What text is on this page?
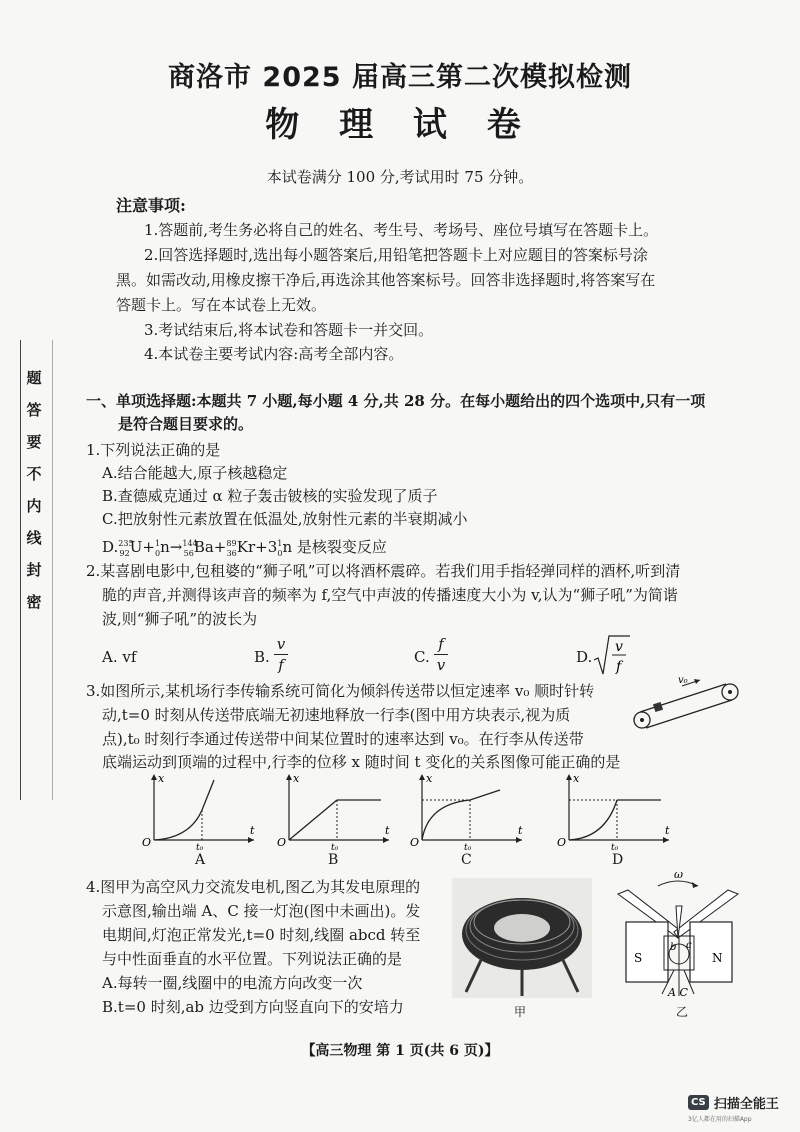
题
答
要
不
内
线
封
密
商洛市 2025 届高三第二次模拟检测
物 理 试 卷
本试卷满分 100 分,考试用时 75 分钟。
注意事项:
1.答题前,考生务必将自己的姓名、考生号、考场号、座位号填写在答题卡上。
2.回答选择题时,选出每小题答案后,用铅笔把答题卡上对应题目的答案标号涂
黑。如需改动,用橡皮擦干净后,再选涂其他答案标号。回答非选择题时,将答案写在
答题卡上。写在本试卷上无效。
3.考试结束后,将本试卷和答题卡一并交回。
4.本试卷主要考试内容:高考全部内容。
一、单项选择题:本题共 7 小题,每小题 4 分,共 28 分。在每小题给出的四个选项中,只有一项
是符合题目要求的。
1.下列说法正确的是
A.结合能越大,原子核越稳定
B.查德威克通过 α 粒子轰击铍核的实验发现了质子
C.把放射性元素放置在低温处,放射性元素的半衰期减小
$D.^{235}_{92}U+^1_0n\to^{144}_{56}Ba+^{89}_{36}Kr+3^1_0n$ 是核裂变反应
2.某喜剧电影中,包租婆的“狮子吼”可以将酒杯震碎。若我们用手指轻弹同样的酒杯,听到清
脆的声音,并测得该声音的频率为 f,空气中声波的传播速度大小为 v,认为“狮子吼”为简谐
波,则“狮子吼”的波长为
A. vf	B.
v
f	C.
f
v	D.
v
f
3.如图所示,某机场行李传输系统可简化为倾斜传送带以恒定速率 v₀ 顺时针转
动,t=0 时刻从传送带底端无初速地释放一行李(图中用方块表示,视为质
点),t₀ 时刻行李通过传送带中间某位置时的速率达到 v₀。在行李从传送带
底端运动到顶端的过程中,行李的位移 x 随时间 t 变化的关系图像可能正确的是
v₀
x
t
O	t₀
A
x
t
O	t₀
B
x
t
O	t₀
C
x
t
O	t₀
D
4.图甲为高空风力交流发电机,图乙为其发电原理的
示意图,输出端 A、C 接一灯泡(图中未画出)。发
电期间,灯泡正常发光,t=0 时刻,线圈 abcd 转至
与中性面垂直的水平位置。下列说法正确的是
A.每转一圈,线圈中的电流方向改变一次
B.t=0 时刻,ab 边受到方向竖直向下的安培力	甲
ω
S	N
b c
A C
乙
【高三物理 第 1 页(共 6 页)】
CS 扫描全能王
3亿人都在用的扫描App
